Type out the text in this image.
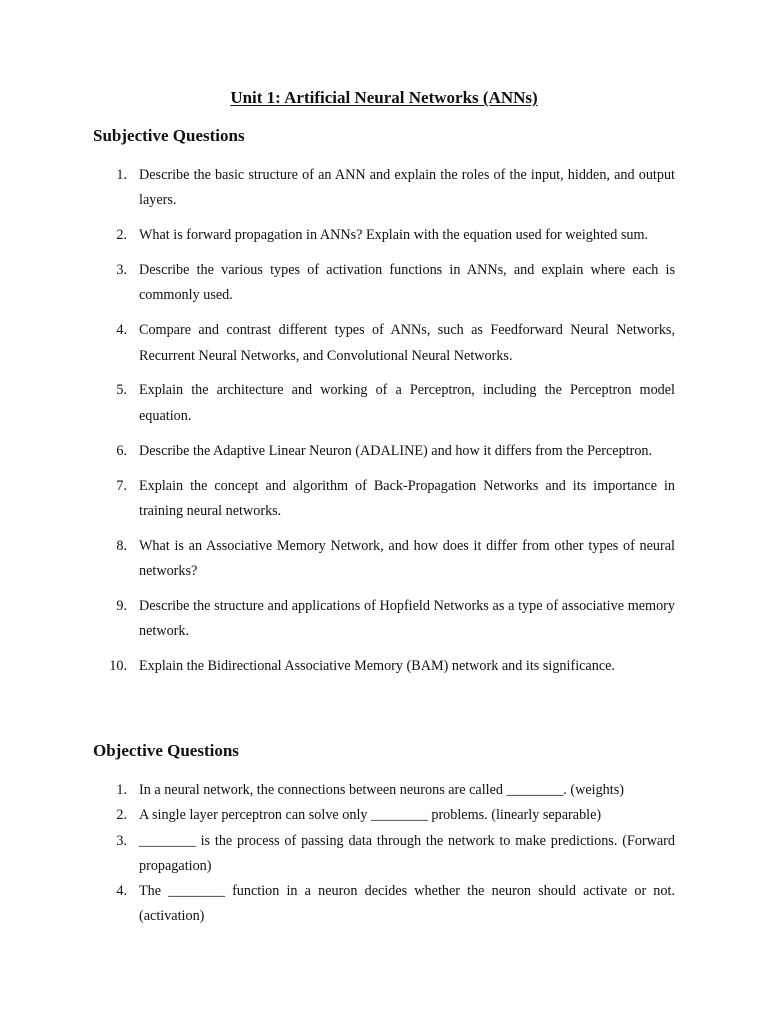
Unit 1: Artificial Neural Networks (ANNs)
Subjective Questions
1. Describe the basic structure of an ANN and explain the roles of the input, hidden, and output layers.
2. What is forward propagation in ANNs? Explain with the equation used for weighted sum.
3. Describe the various types of activation functions in ANNs, and explain where each is commonly used.
4. Compare and contrast different types of ANNs, such as Feedforward Neural Networks, Recurrent Neural Networks, and Convolutional Neural Networks.
5. Explain the architecture and working of a Perceptron, including the Perceptron model equation.
6. Describe the Adaptive Linear Neuron (ADALINE) and how it differs from the Perceptron.
7. Explain the concept and algorithm of Back-Propagation Networks and its importance in training neural networks.
8. What is an Associative Memory Network, and how does it differ from other types of neural networks?
9. Describe the structure and applications of Hopfield Networks as a type of associative memory network.
10. Explain the Bidirectional Associative Memory (BAM) network and its significance.
Objective Questions
1. In a neural network, the connections between neurons are called ________. (weights)
2. A single layer perceptron can solve only ________ problems. (linearly separable)
3. ________ is the process of passing data through the network to make predictions. (Forward propagation)
4. The ________ function in a neuron decides whether the neuron should activate or not. (activation)
